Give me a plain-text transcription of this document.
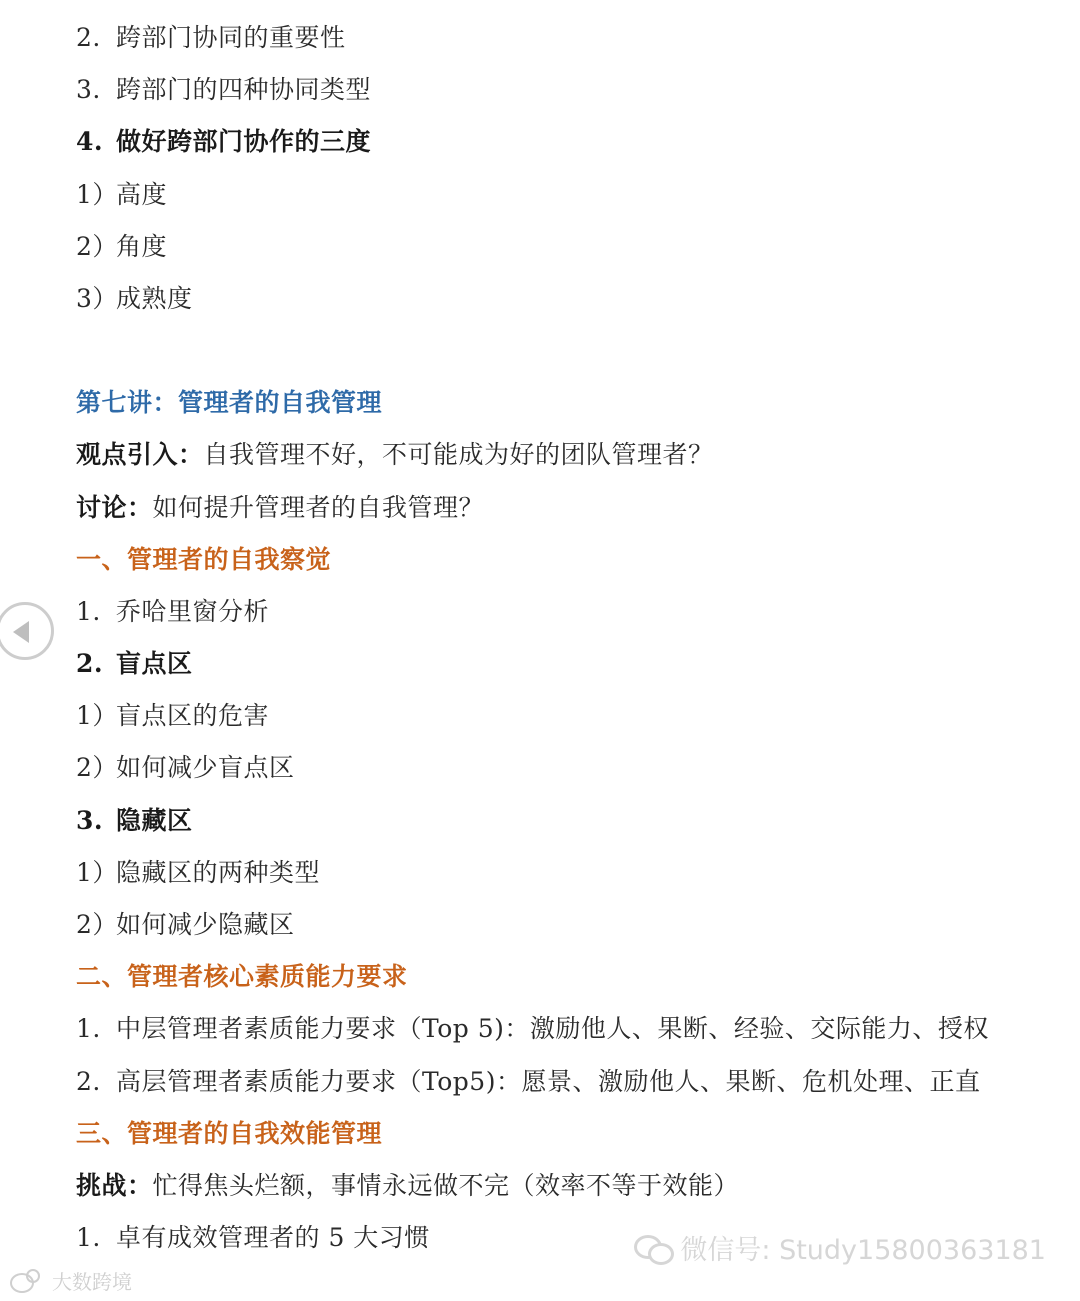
2. 跨部门协同的重要性
3. 跨部门的四种协同类型
4. 做好跨部门协作的三度
1）高度
2）角度
3）成熟度
第七讲：管理者的自我管理
观点引入：自我管理不好，不可能成为好的团队管理者？
讨论：如何提升管理者的自我管理？
一、管理者的自我察觉
1. 乔哈里窗分析
2. 盲点区
1）盲点区的危害
2）如何减少盲点区
3. 隐藏区
1）隐藏区的两种类型
2）如何减少隐藏区
二、管理者核心素质能力要求
1. 中层管理者素质能力要求（Top 5)：激励他人、果断、经验、交际能力、授权
2. 高层管理者素质能力要求（Top5)：愿景、激励他人、果断、危机处理、正直
三、管理者的自我效能管理
挑战：忙得焦头烂额，事情永远做不完（效率不等于效能）
1. 卓有成效管理者的 5 大习惯	微信号: Study15800363181
大数跨境
